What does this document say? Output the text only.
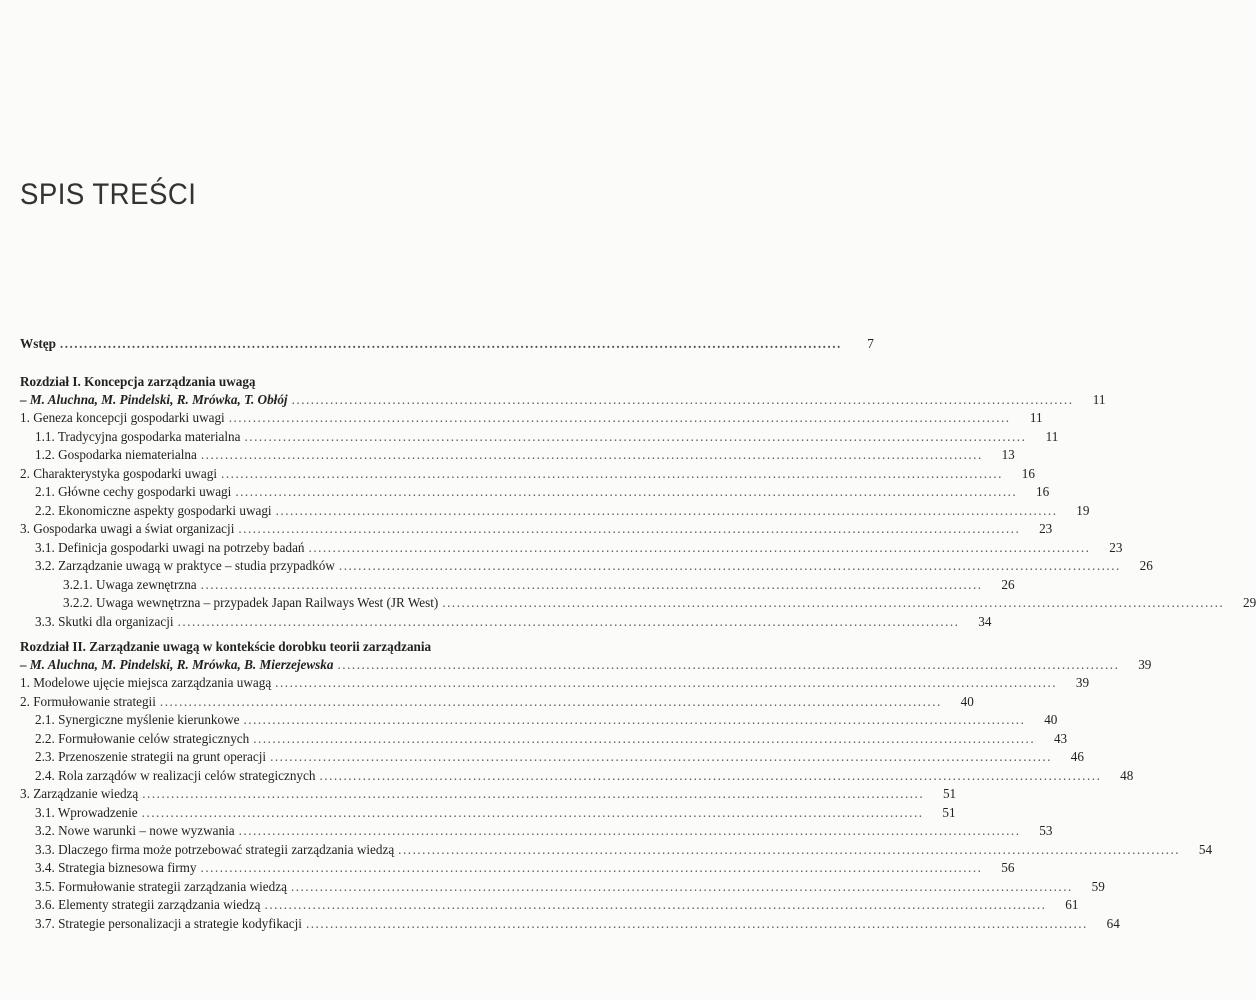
SPIS TREŚCI
Wstęp ...................................................................................................................................................................	7
Rozdział I. Koncepcja zarządzania uwagą
– M. Aluchna, M. Pindelski, R. Mrówka, T. Obłój ...................................................................................................................................................................	11
1. Geneza koncepcji gospodarki uwagi ...................................................................................................................................................................	11
1.1. Tradycyjna gospodarka materialna ...................................................................................................................................................................	11
1.2. Gospodarka niematerialna ...................................................................................................................................................................	13
2. Charakterystyka gospodarki uwagi ...................................................................................................................................................................	16
2.1. Główne cechy gospodarki uwagi ...................................................................................................................................................................	16
2.2. Ekonomiczne aspekty gospodarki uwagi ...................................................................................................................................................................	19
3. Gospodarka uwagi a świat organizacji ...................................................................................................................................................................	23
3.1. Definicja gospodarki uwagi na potrzeby badań ...................................................................................................................................................................	23
3.2. Zarządzanie uwagą w praktyce – studia przypadków ...................................................................................................................................................................	26
3.2.1. Uwaga zewnętrzna ...................................................................................................................................................................	26
3.2.2. Uwaga wewnętrzna – przypadek Japan Railways West (JR West) ...................................................................................................................................................................	29
3.3. Skutki dla organizacji ...................................................................................................................................................................	34
Rozdział II. Zarządzanie uwagą w kontekście dorobku teorii zarządzania
– M. Aluchna, M. Pindelski, R. Mrówka, B. Mierzejewska ...................................................................................................................................................................	39
1. Modelowe ujęcie miejsca zarządzania uwagą ...................................................................................................................................................................	39
2. Formułowanie strategii ...................................................................................................................................................................	40
2.1. Synergiczne myślenie kierunkowe ...................................................................................................................................................................	40
2.2. Formułowanie celów strategicznych ...................................................................................................................................................................	43
2.3. Przenoszenie strategii na grunt operacji ...................................................................................................................................................................	46
2.4. Rola zarządów w realizacji celów strategicznych ...................................................................................................................................................................	48
3. Zarządzanie wiedzą ...................................................................................................................................................................	51
3.1. Wprowadzenie ...................................................................................................................................................................	51
3.2. Nowe warunki – nowe wyzwania ...................................................................................................................................................................	53
3.3. Dlaczego firma może potrzebować strategii zarządzania wiedzą ...................................................................................................................................................................	54
3.4. Strategia biznesowa firmy ...................................................................................................................................................................	56
3.5. Formułowanie strategii zarządzania wiedzą ...................................................................................................................................................................	59
3.6. Elementy strategii zarządzania wiedzą ...................................................................................................................................................................	61
3.7. Strategie personalizacji a strategie kodyfikacji ...................................................................................................................................................................	64
